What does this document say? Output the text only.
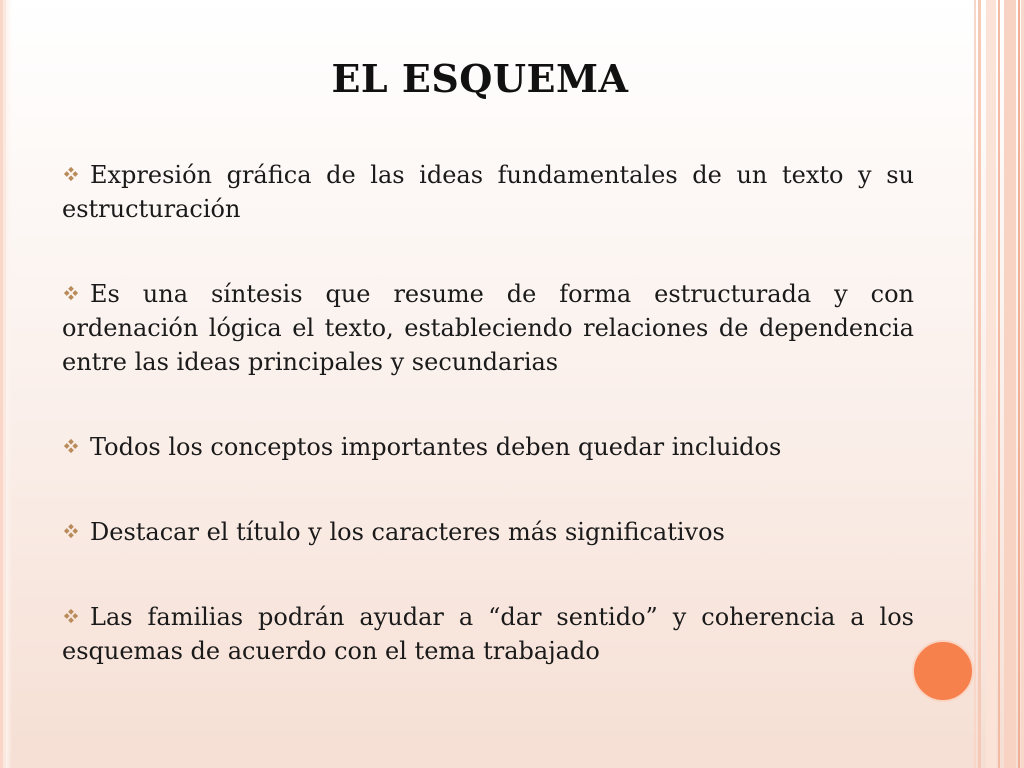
EL ESQUEMA

Expresión gráfica de las ideas fundamentales de un texto y su estructuración

Es una síntesis que resume de forma estructurada y con ordenación lógica el texto, estableciendo relaciones de dependencia entre las ideas principales y secundarias

Todos los conceptos importantes deben quedar incluidos

Destacar el título y los caracteres más significativos

Las familias podrán ayudar a “dar sentido” y coherencia a los esquemas de acuerdo con el tema trabajado
